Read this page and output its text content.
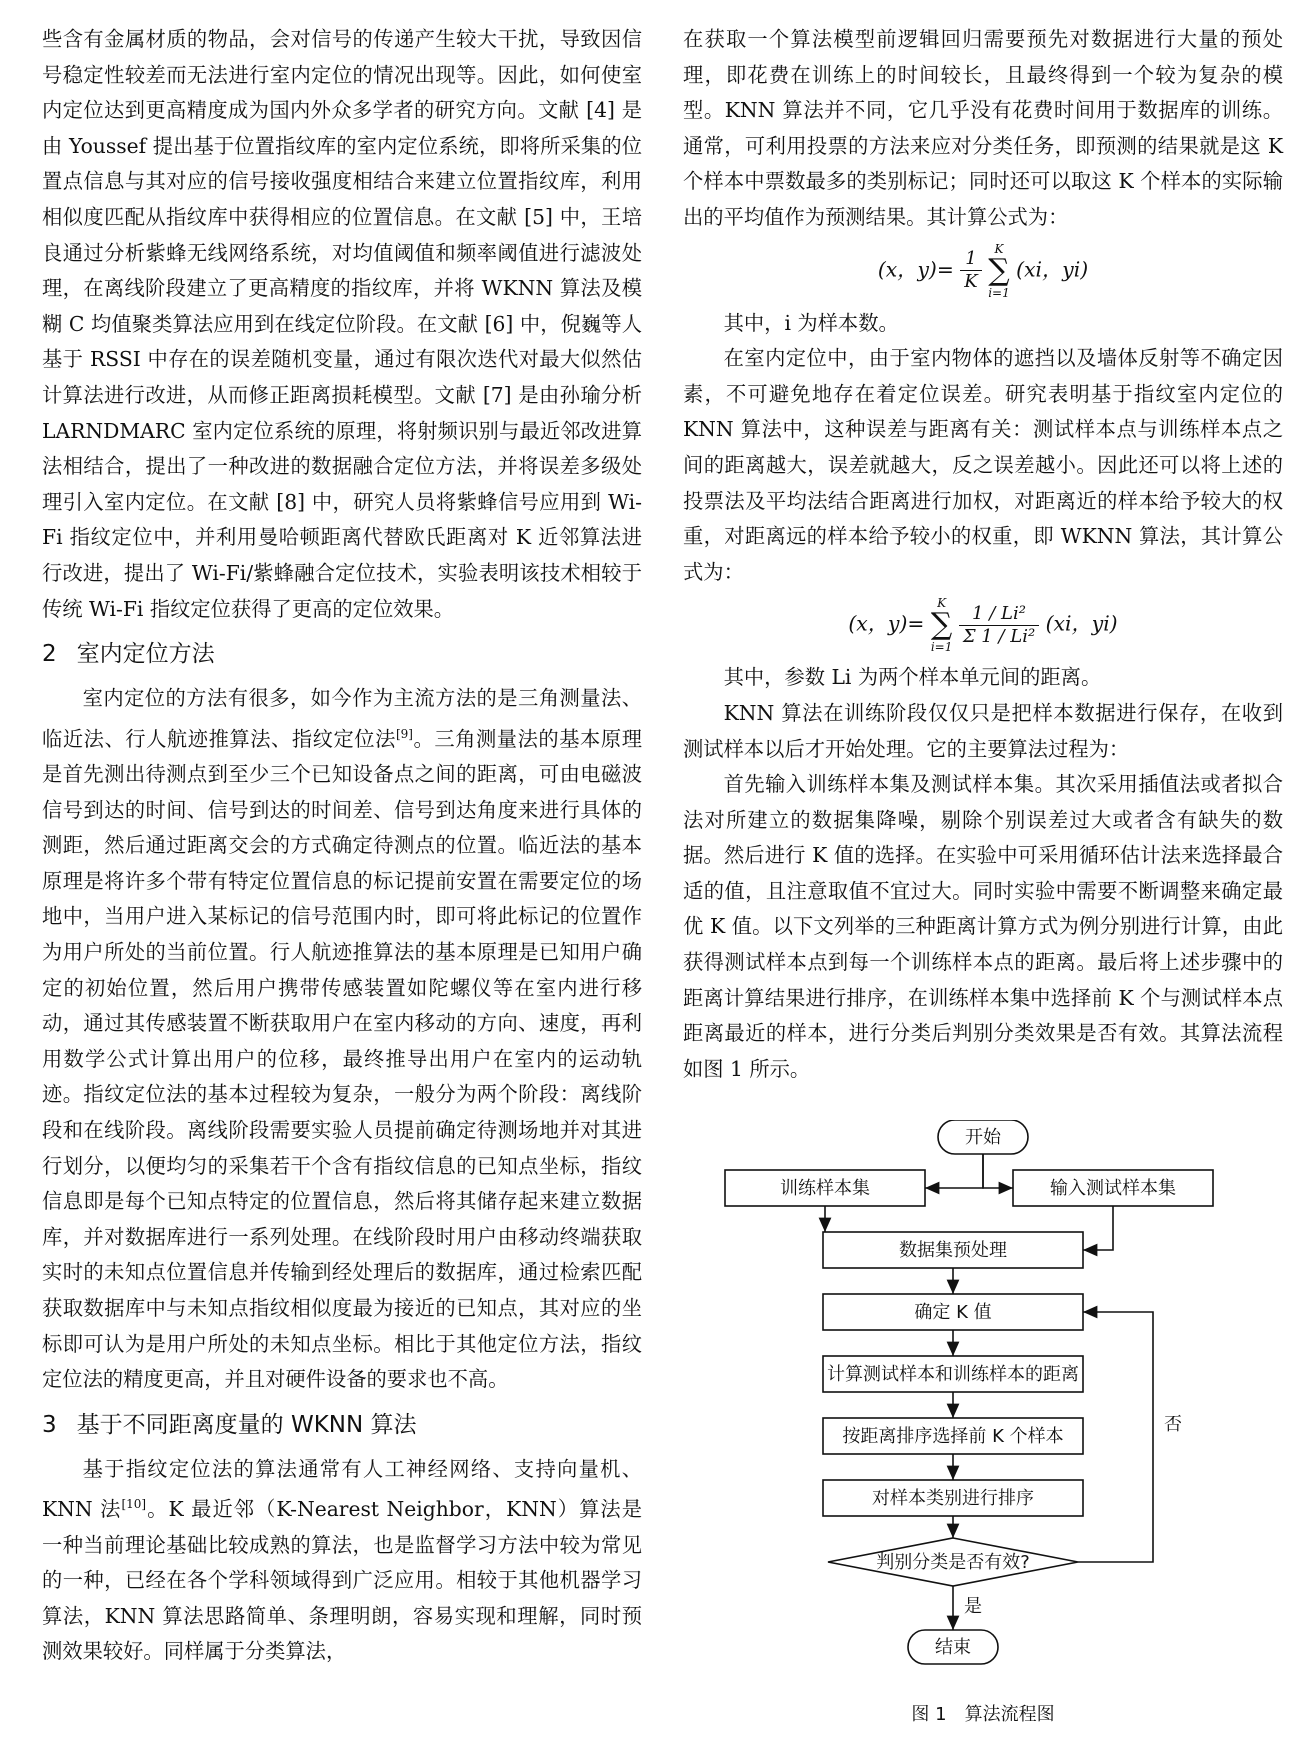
些含有金属材质的物品，会对信号的传递产生较大干扰，导致因信号稳定性较差而无法进行室内定位的情况出现等。因此，如何使室内定位达到更高精度成为国内外众多学者的研究方向。文献 [4] 是由 Youssef 提出基于位置指纹库的室内定位系统，即将所采集的位置点信息与其对应的信号接收强度相结合来建立位置指纹库，利用相似度匹配从指纹库中获得相应的位置信息。在文献 [5] 中，王培良通过分析紫蜂无线网络系统，对均值阈值和频率阈值进行滤波处理，在离线阶段建立了更高精度的指纹库，并将 WKNN 算法及模糊 C 均值聚类算法应用到在线定位阶段。在文献 [6] 中，倪巍等人基于 RSSI 中存在的误差随机变量，通过有限次迭代对最大似然估计算法进行改进，从而修正距离损耗模型。文献 [7] 是由孙瑜分析 LARNDMARC 室内定位系统的原理，将射频识别与最近邻改进算法相结合，提出了一种改进的数据融合定位方法，并将误差多级处理引入室内定位。在文献 [8] 中，研究人员将紫蜂信号应用到 Wi-Fi 指纹定位中，并利用曼哈顿距离代替欧氏距离对 K 近邻算法进行改进，提出了 Wi-Fi/紫蜂融合定位技术，实验表明该技术相较于传统 Wi-Fi 指纹定位获得了更高的定位效果。

2 室内定位方法

室内定位的方法有很多，如今作为主流方法的是三角测量法、临近法、行人航迹推算法、指纹定位法[9]。三角测量法的基本原理是首先测出待测点到至少三个已知设备点之间的距离，可由电磁波信号到达的时间、信号到达的时间差、信号到达角度来进行具体的测距，然后通过距离交会的方式确定待测点的位置。临近法的基本原理是将许多个带有特定位置信息的标记提前安置在需要定位的场地中，当用户进入某标记的信号范围内时，即可将此标记的位置作为用户所处的当前位置。行人航迹推算法的基本原理是已知用户确定的初始位置，然后用户携带传感装置如陀螺仪等在室内进行移动，通过其传感装置不断获取用户在室内移动的方向、速度，再利用数学公式计算出用户的位移，最终推导出用户在室内的运动轨迹。指纹定位法的基本过程较为复杂，一般分为两个阶段：离线阶段和在线阶段。离线阶段需要实验人员提前确定待测场地并对其进行划分，以便均匀的采集若干个含有指纹信息的已知点坐标，指纹信息即是每个已知点特定的位置信息，然后将其储存起来建立数据库，并对数据库进行一系列处理。在线阶段时用户由移动终端获取实时的未知点位置信息并传输到经处理后的数据库，通过检索匹配获取数据库中与未知点指纹相似度最为接近的已知点，其对应的坐标即可认为是用户所处的未知点坐标。相比于其他定位方法，指纹定位法的精度更高，并且对硬件设备的要求也不高。

3 基于不同距离度量的 WKNN 算法

基于指纹定位法的算法通常有人工神经网络、支持向量机、KNN 法[10]。K 最近邻（K-Nearest Neighbor，KNN）算法是一种当前理论基础比较成熟的算法，也是监督学习方法中较为常见的一种，已经在各个学科领域得到广泛应用。相较于其他机器学习算法，KNN 算法思路简单、条理明朗，容易实现和理解，同时预测效果较好。同样属于分类算法，

在获取一个算法模型前逻辑回归需要预先对数据进行大量的预处理，即花费在训练上的时间较长，且最终得到一个较为复杂的模型。KNN 算法并不同，它几乎没有花费时间用于数据库的训练。通常，可利用投票的方法来应对分类任务，即预测的结果就是这 K 个样本中票数最多的类别标记；同时还可以取这 K 个样本的实际输出的平均值作为预测结果。其计算公式为：

(x，$y)= \frac{1}{K}$
	K
∑
i=1
(xi，yi)

其中，i 为样本数。

在室内定位中，由于室内物体的遮挡以及墙体反射等不确定因素，不可避免地存在着定位误差。研究表明基于指纹室内定位的 KNN 算法中，这种误差与距离有关：测试样本点与训练样本点之间的距离越大，误差就越大，反之误差越小。因此还可以将上述的投票法及平均法结合距离进行加权，对距离近的样本给予较大的权重，对距离远的样本给予较小的权重，即 WKNN 算法，其计算公式为：

(x，y)=
K
∑
i=1
$\frac{\text{1 / Li²}}{\text{Σ 1 / Li²}} (xi$，yi)

其中，参数 Li 为两个样本单元间的距离。

KNN 算法在训练阶段仅仅只是把样本数据进行保存，在收到测试样本以后才开始处理。它的主要算法过程为：

首先输入训练样本集及测试样本集。其次采用插值法或者拟合法对所建立的数据集降噪，剔除个别误差过大或者含有缺失的数据。然后进行 K 值的选择。在实验中可采用循环估计法来选择最合适的值，且注意取值不宜过大。同时实验中需要不断调整来确定最优 K 值。以下文列举的三种距离计算方式为例分别进行计算，由此获得测试样本点到每一个训练样本点的距离。最后将上述步骤中的距离计算结果进行排序，在训练样本集中选择前 K 个与测试样本点距离最近的样本，进行分类后判别分类效果是否有效。其算法流程如图 1 所示。

开始
训练样本集	输入测试样本集
数据集预处理
确定 K 值
计算测试样本和训练样本的距离
按距离排序选择前 K 个样本
对样本类别进行排序
判别分类是否有效?
否
是
结束
图 1　算法流程图
